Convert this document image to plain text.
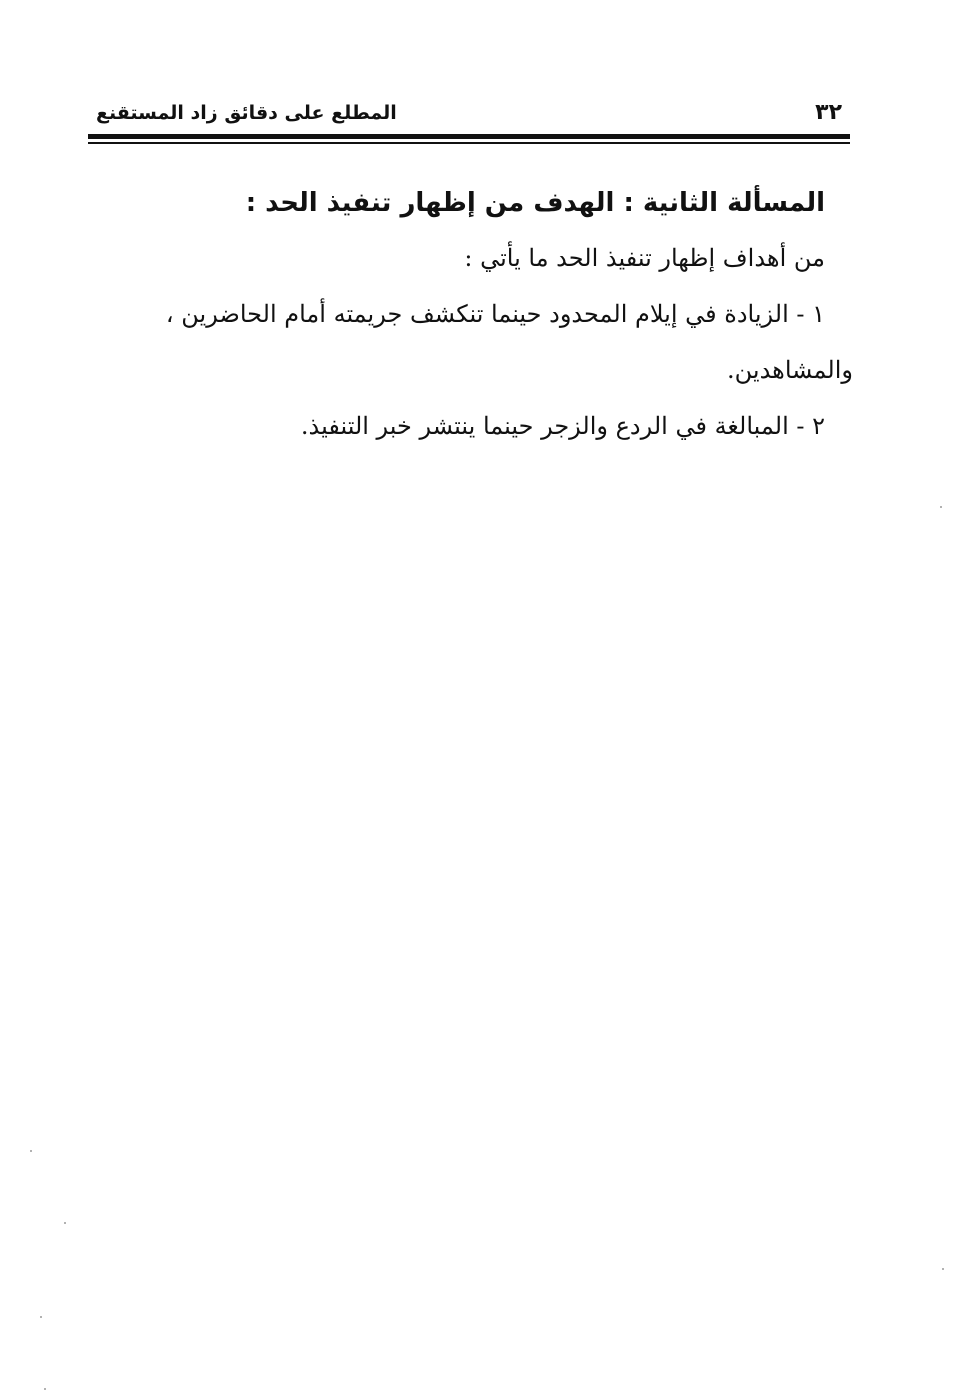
٣٢
المطلع على دقائق زاد المستقنع

المسألة الثانية : الهدف من إظهار تنفيذ الحد :

من أهداف إظهار تنفيذ الحد ما يأتي :

١ - الزيادة في إيلام المحدود حينما تنكشف جريمته أمام الحاضرين ،

والمشاهدين.

٢ - المبالغة في الردع والزجر حينما ينتشر خبر التنفيذ.
